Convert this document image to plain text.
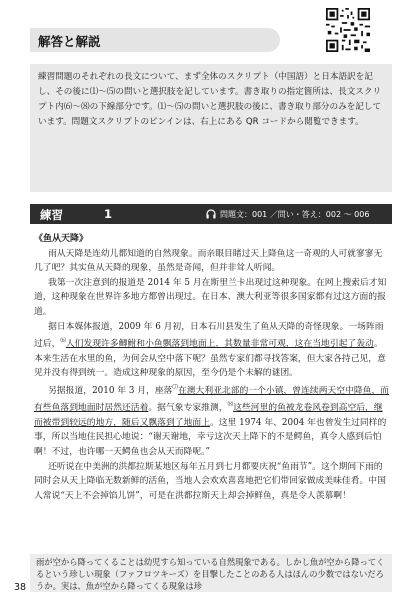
解答と解説

練習問題のそれぞれの長文について、まず全体のスクリプト（中国語）と日本語訳を記し、その後に⑴〜⑸の問いと選択肢を記しています。書き取りの指定箇所は、長文スクリプト内⑹〜⑻の下線部分です。⑴〜⑸の問いと選択肢の後に、書き取り部分のみを記しています。問題文スクリプトのピンインは、右上にある QR コードから閲覧できます。

練習	1	問題文：001 ／問い・答え：002 〜 006

《鱼从天降》

雨从天降是连幼儿都知道的自然现象。而亲眼目睹过天上降鱼这一奇观的人可就寥寥无几了吧？其实鱼从天降的现象，虽然是奇闻，但并非耸人听闻。

我第一次注意到的报道是 2014 年 5 月在斯里兰卡出现过这种现象。在网上搜索后才知道，这种现象在世界许多地方都曾出现过。在日本、澳大利亚等很多国家都有过这方面的报道。

据日本媒体报道，2009 年 6 月初，日本石川县发生了鱼从天降的奇怪现象。一场阵雨过后，⑹人们发现许多鲫鲋和小鱼飘落到地面上，其数量非常可观，这在当地引起了轰动。本来生活在水里的鱼，为何会从空中落下呢？虽然专家们都寻找答案，但大家各持己见，意见并没有得到统一。造成这种现象的原因，至今仍是个未解的谜团。

另据报道，2010 年 3 月，座落⑺在澳大利亚北部的一个小镇，曾连续两天空中降鱼，而有些鱼落到地面时居然还活着。据气象专家推测，⑻这些河里的鱼被龙卷风卷到高空后，继而被带到较远的地方，随后又飘落到了地面上。这里 1974 年、2004 年也曾发生过同样的事，所以当地住民担心地说：“谢天谢地，幸亏这次天上降下的不是鳄鱼，真令人感到后怕啊！不过，也许哪一天鳄鱼也会从天而降呢。”

还听说在中美洲的洪都拉斯某地区每年五月到七月都要庆祝“鱼雨节”。这个期间下雨的同时会从天上降临无数新鲜的活鱼，当地人会欢欢喜喜地把它们带回家做成美味佳肴。中国人常说“天上不会掉馅儿饼”，可是在洪都拉斯天上却会掉鲜鱼，真是令人羡慕啊！

雨が空から降ってくることは幼児すら知っている自然現象である。しかし魚が空から降ってくるという珍しい現象（ファフロツキーズ）を目撃したことのある人はほんの少数ではないだろうか。実は、魚が空から降ってくる現象は珍

38
